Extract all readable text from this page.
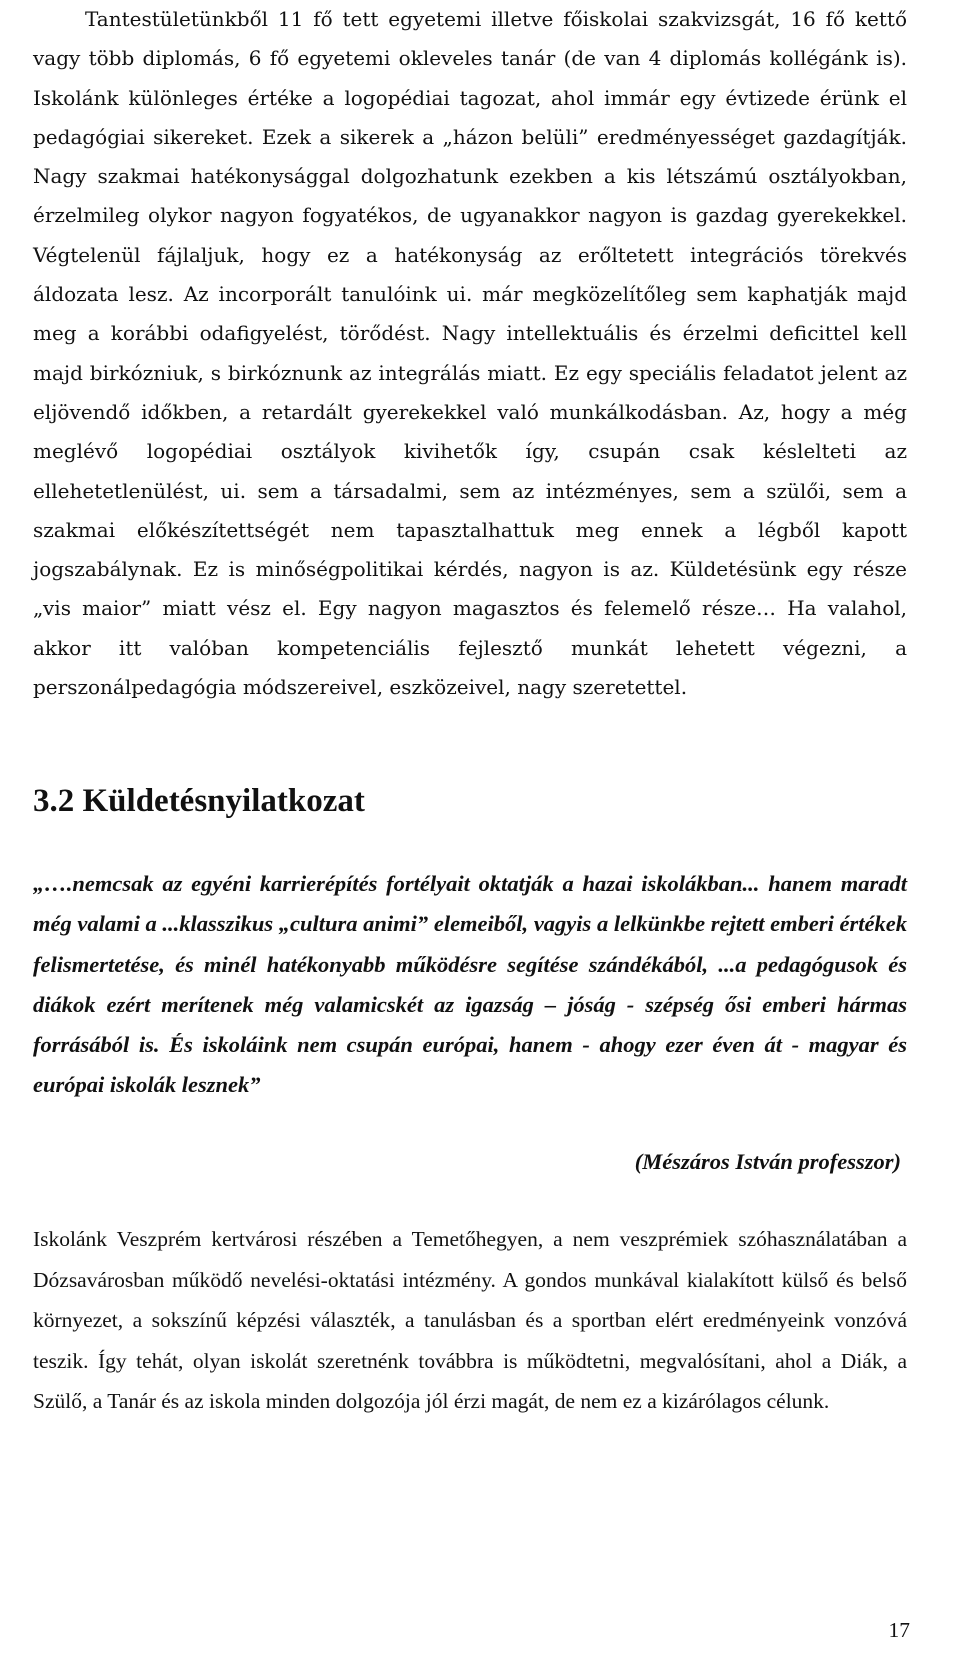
Tantestületünkből 11 fő tett egyetemi illetve főiskolai szakvizsgát, 16 fő kettő vagy több diplomás, 6 fő egyetemi okleveles tanár (de van 4 diplomás kollégánk is). Iskolánk különleges értéke a logopédiai tagozat, ahol immár egy évtizede érünk el pedagógiai sikereket. Ezek a sikerek a „házon belüli” eredményességet gazdagítják. Nagy szakmai hatékonysággal dolgozhatunk ezekben a kis létszámú osztályokban, érzelmileg olykor nagyon fogyatékos, de ugyanakkor nagyon is gazdag gyerekekkel. Végtelenül fájlaljuk, hogy ez a hatékonyság az erőltetett integrációs törekvés áldozata lesz. Az incorporált tanulóink ui. már megközelítőleg sem kaphatják majd meg a korábbi odafigyelést, törődést. Nagy intellektuális és érzelmi deficittel kell majd birkózniuk, s birkóznunk az integrálás miatt. Ez egy speciális feladatot jelent az eljövendő időkben, a retardált gyerekekkel való munkálkodásban. Az, hogy a még meglévő logopédiai osztályok kivihetők így, csupán csak késlelteti az ellehetetlenülést, ui. sem a társadalmi, sem az intézményes, sem a szülői, sem a szakmai előkészítettségét nem tapasztalhattuk meg ennek a légből kapott jogszabálynak. Ez is minőségpolitikai kérdés, nagyon is az. Küldetésünk egy része „vis maior” miatt vész el. Egy nagyon magasztos és felemelő része… Ha valahol, akkor itt valóban kompetenciális fejlesztő munkát lehetett végezni, a perszonálpedagógia módszereivel, eszközeivel, nagy szeretettel.

3.2 Küldetésnyilatkozat

„….nemcsak az egyéni karrierépítés fortélyait oktatják a hazai iskolákban... hanem maradt még valami a ...klasszikus „cultura animi” elemeiből, vagyis a lelkünkbe rejtett emberi értékek felismertetése, és minél hatékonyabb működésre segítése szándékából, ...a pedagógusok és diákok ezért merítenek még valamicskét az igazság – jóság - szépség ősi emberi hármas forrásából is. És iskoláink nem csupán európai, hanem - ahogy ezer éven át - magyar és európai iskolák lesznek”

(Mészáros István professzor)

Iskolánk Veszprém kertvárosi részében a Temetőhegyen, a nem veszprémiek szóhasználatában a Dózsavárosban működő nevelési-oktatási intézmény. A gondos munkával kialakított külső és belső környezet, a sokszínű képzési választék, a tanulásban és a sportban elért eredményeink vonzóvá teszik. Így tehát, olyan iskolát szeretnénk továbbra is működtetni, megvalósítani, ahol a Diák, a Szülő, a Tanár és az iskola minden dolgozója jól érzi magát, de nem ez a kizárólagos célunk.

17
